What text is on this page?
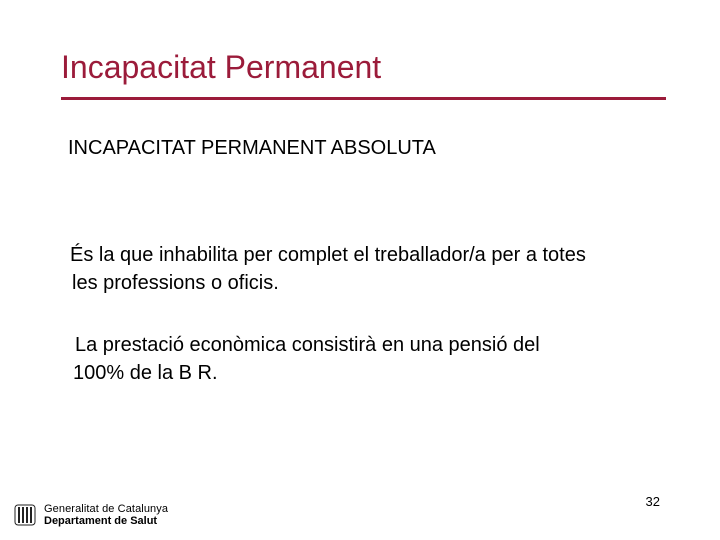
Incapacitat Permanent
INCAPACITAT PERMANENT ABSOLUTA
És la que inhabilita per complet el treballador/a per a totes
les professions o oficis.
La prestació econòmica consistirà en una pensió del
100% de la B R.
Generalitat de Catalunya
Departament de Salut
32
